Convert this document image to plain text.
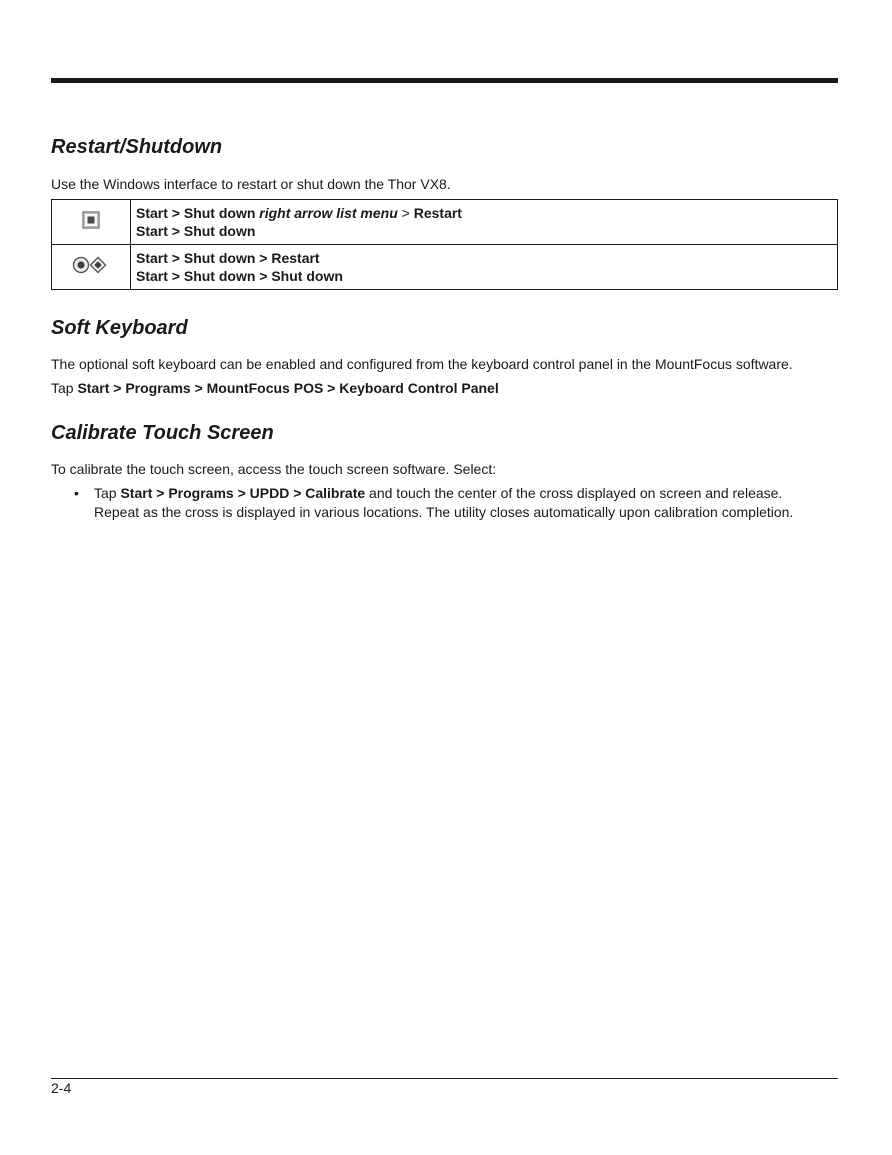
Restart/Shutdown

Use the Windows interface to restart or shut down the Thor VX8.

Start > Shut down right arrow list menu > Restart
Start > Shut down

Start > Shut down > Restart
Start > Shut down > Shut down
Soft Keyboard

The optional soft keyboard can be enabled and configured from the keyboard control panel in the MountFocus software.

Tap Start > Programs > MountFocus POS > Keyboard Control Panel

Calibrate Touch Screen

To calibrate the touch screen, access the touch screen software. Select:

• Tap Start > Programs > UPDD > Calibrate and touch the center of the cross displayed on screen and release.
Repeat as the cross is displayed in various locations. The utility closes automatically upon calibration completion.
2-4
